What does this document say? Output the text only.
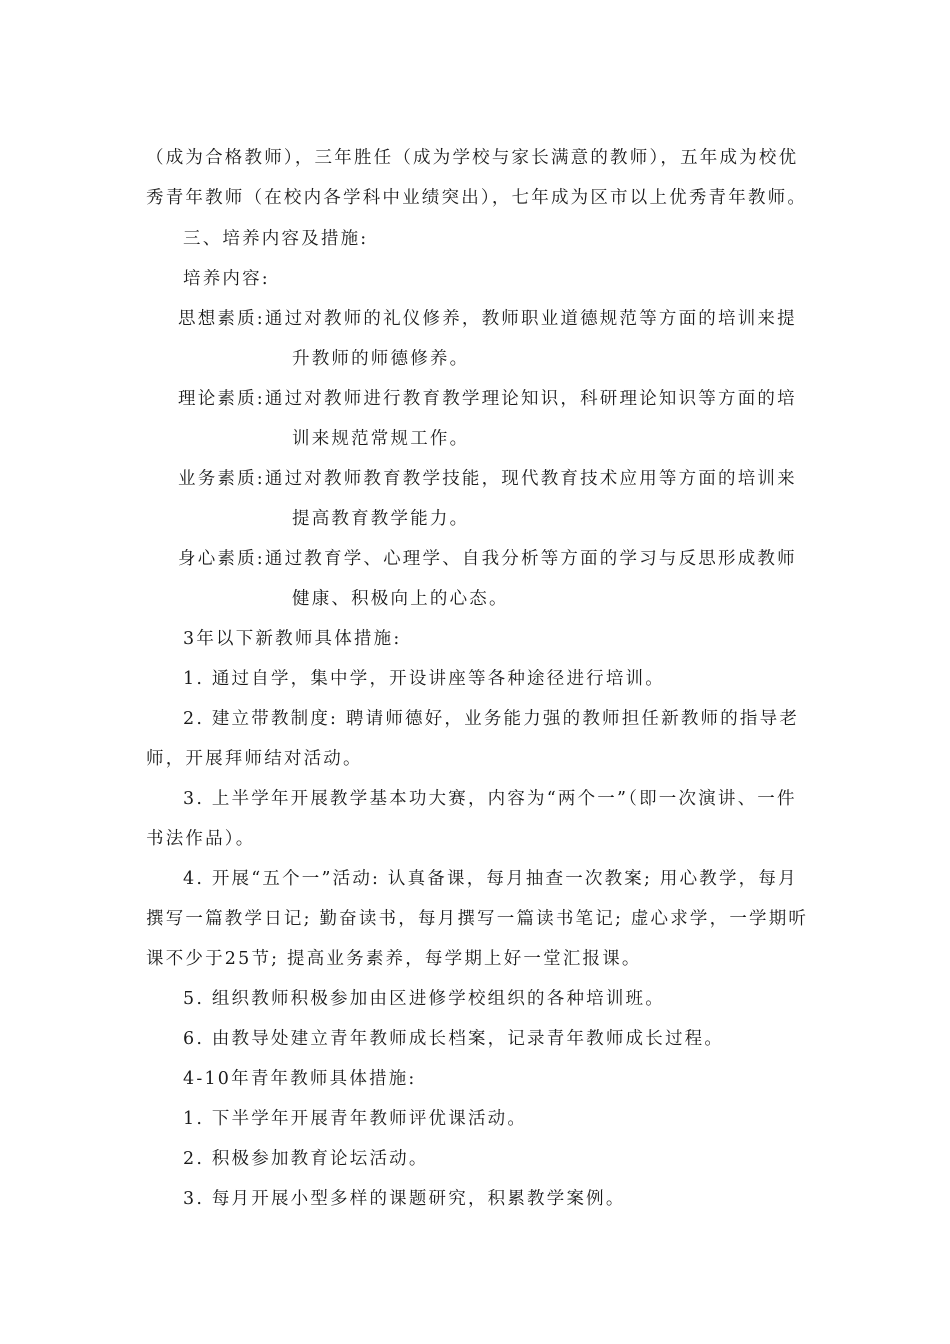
（成为合格教师），三年胜任（成为学校与家长满意的教师），五年成为校优
秀青年教师（在校内各学科中业绩突出），七年成为区市以上优秀青年教师。
三、培养内容及措施:
培养内容:
思想素质:通过对教师的礼仪修养，教师职业道德规范等方面的培训来提
升教师的师德修养。
理论素质:通过对教师进行教育教学理论知识，科研理论知识等方面的培
训来规范常规工作。
业务素质:通过对教师教育教学技能，现代教育技术应用等方面的培训来
提高教育教学能力。
身心素质:通过教育学、心理学、自我分析等方面的学习与反思形成教师
健康、积极向上的心态。
3年以下新教师具体措施:
1. 通过自学，集中学，开设讲座等各种途径进行培训。
2. 建立带教制度: 聘请师德好，业务能力强的教师担任新教师的指导老
师，开展拜师结对活动。
3. 上半学年开展教学基本功大赛，内容为“两个一”（即一次演讲、一件
书法作品）。
4. 开展“五个一”活动: 认真备课，每月抽查一次教案; 用心教学，每月
撰写一篇教学日记; 勤奋读书，每月撰写一篇读书笔记; 虚心求学，一学期听
课不少于25节; 提高业务素养，每学期上好一堂汇报课。
5. 组织教师积极参加由区进修学校组织的各种培训班。
6. 由教导处建立青年教师成长档案，记录青年教师成长过程。
4-10年青年教师具体措施:
1. 下半学年开展青年教师评优课活动。
2. 积极参加教育论坛活动。
3. 每月开展小型多样的课题研究，积累教学案例。
